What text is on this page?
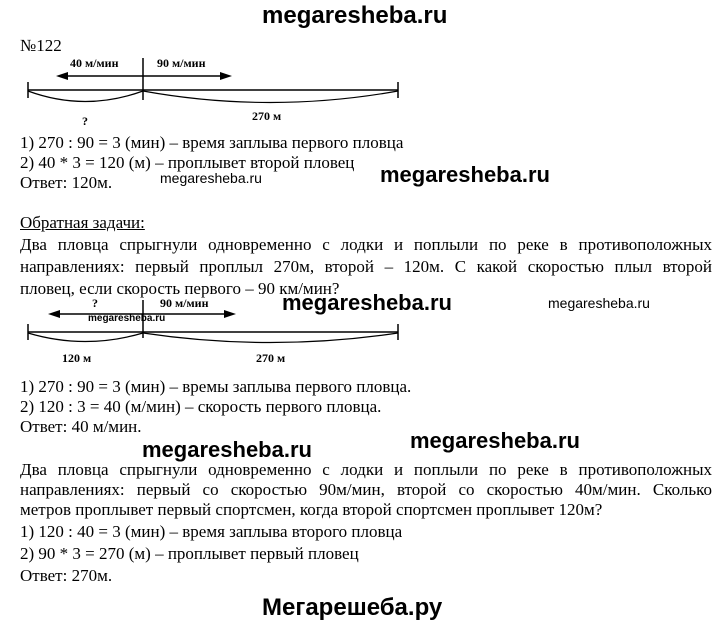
megaresheba.ru
№122
40 м/мин	90 м/мин
?	270 м
1) 270 : 90 = 3 (мин) – время заплыва первого пловца
2) 40 * 3 = 120 (м) – проплывет второй пловец
Ответ: 120м.	megaresheba.ru	megaresheba.ru
Обратная задачи:
Два пловца спрыгнули одновременно с лодки и поплыли по реке в противоположных
направлениях: первый проплыл 270м, второй – 120м. С какой скоростью плыл второй
пловец, если скорость первого – 90 км/мин?
megaresheba.ru	megaresheba.ru
?	90 м/мин
120 м	270 м
megaresheba.ru
1) 270 : 90 = 3 (мин) – времы заплыва первого пловца.
2) 120 : 3 = 40 (м/мин) – скорость первого пловца.
Ответ: 40 м/мин.
megaresheba.ru	megaresheba.ru
Два пловца спрыгнули одновременно с лодки и поплыли по реке в противоположных
направлениях: первый со скоростью 90м/мин, второй со скоростью 40м/мин. Сколько
метров проплывет первый спортсмен, когда второй спортсмен проплывет 120м?
1) 120 : 40 = 3 (мин) – время заплыва второго пловца
2) 90 * 3 = 270 (м) – проплывет первый пловец
Ответ: 270м.
Мегарешеба.ру
